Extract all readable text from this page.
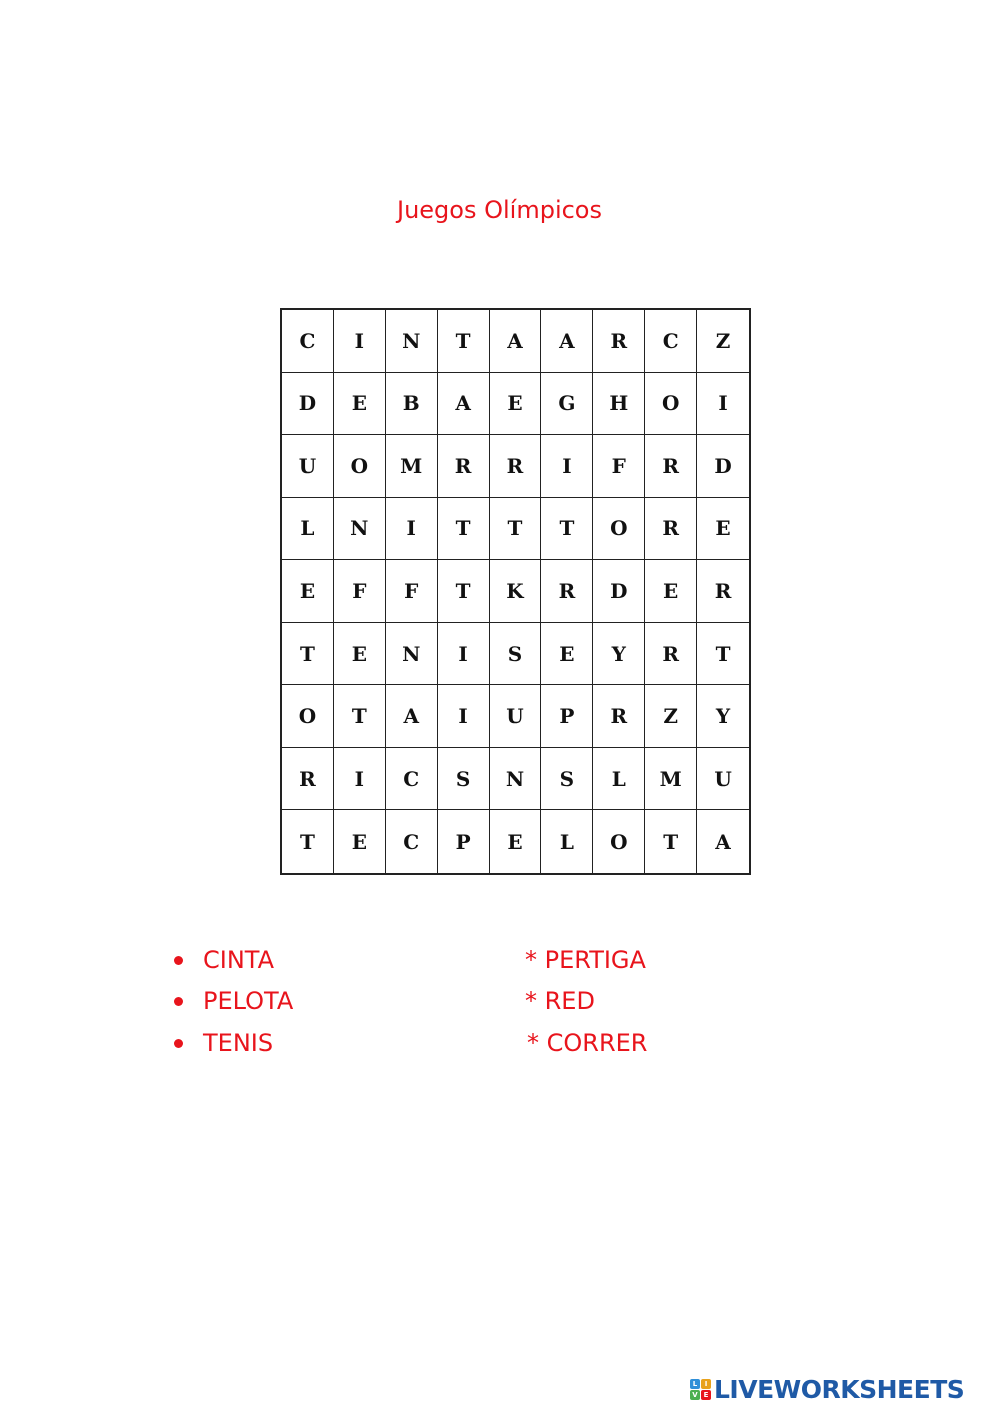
Juegos Olímpicos
C	I	N	T	A	A	R	C	Z
D	E	B	A	E	G	H	O	I
U	O	M	R	R	I	F	R	D
L	N	I	T	T	T	O	R	E
E	F	F	T	K	R	D	E	R
T	E	N	I	S	E	Y	R	T
O	T	A	I	U	P	R	Z	Y
R	I	C	S	N	S	L	M	U
T	E	C	P	E	L	O	T	A
CINTA
PELOTA
TENIS
* PERTIGA
* RED
* CORRER
L	I
V E LIVEWORKSHEETS
